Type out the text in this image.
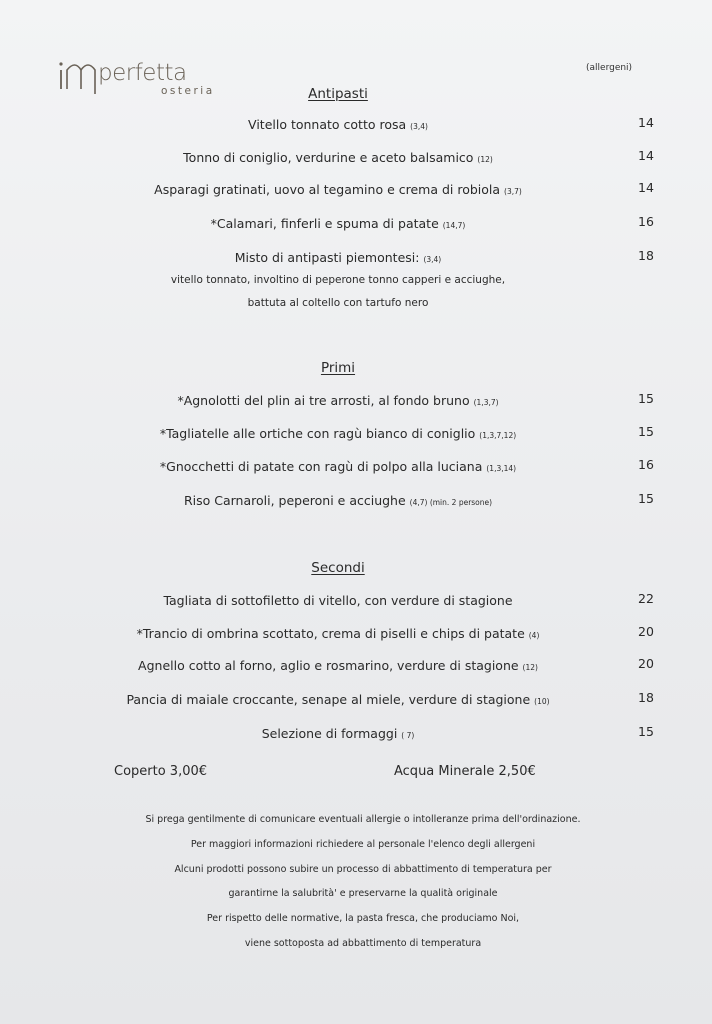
perfetta
osteria
(allergeni)
Antipasti
Vitello tonnato cotto rosa (3,4)	14
Tonno di coniglio, verdurine e aceto balsamico (12)	14
Asparagi gratinati, uovo al tegamino e crema di robiola (3,7)	14
*Calamari, finferli e spuma di patate (14,7)	16
Misto di antipasti piemontesi: (3,4)	18
vitello tonnato, involtino di peperone tonno capperi e acciughe,
battuta al coltello con tartufo nero
Primi
*Agnolotti del plin ai tre arrosti, al fondo bruno (1,3,7)	15
*Tagliatelle alle ortiche con ragù bianco di coniglio (1,3,7,12)	15
*Gnocchetti di patate con ragù di polpo alla luciana (1,3,14)	16
Riso Carnaroli, peperoni e acciughe (4,7) (min. 2 persone)	15
Secondi
Tagliata di sottofiletto di vitello, con verdure di stagione	22
*Trancio di ombrina scottato, crema di piselli e chips di patate (4)	20
Agnello cotto al forno, aglio e rosmarino, verdure di stagione (12)	20
Pancia di maiale croccante, senape al miele, verdure di stagione (10)	18
Selezione di formaggi ( 7)	15
Coperto 3,00€	Acqua Minerale 2,50€
Si prega gentilmente di comunicare eventuali allergie o intolleranze prima dell'ordinazione.
Per maggiori informazioni richiedere al personale l'elenco degli allergeni
Alcuni prodotti possono subire un processo di abbattimento di temperatura per
garantirne la salubrità' e preservarne la qualità originale
Per rispetto delle normative, la pasta fresca, che produciamo Noi,
viene sottoposta ad abbattimento di temperatura
